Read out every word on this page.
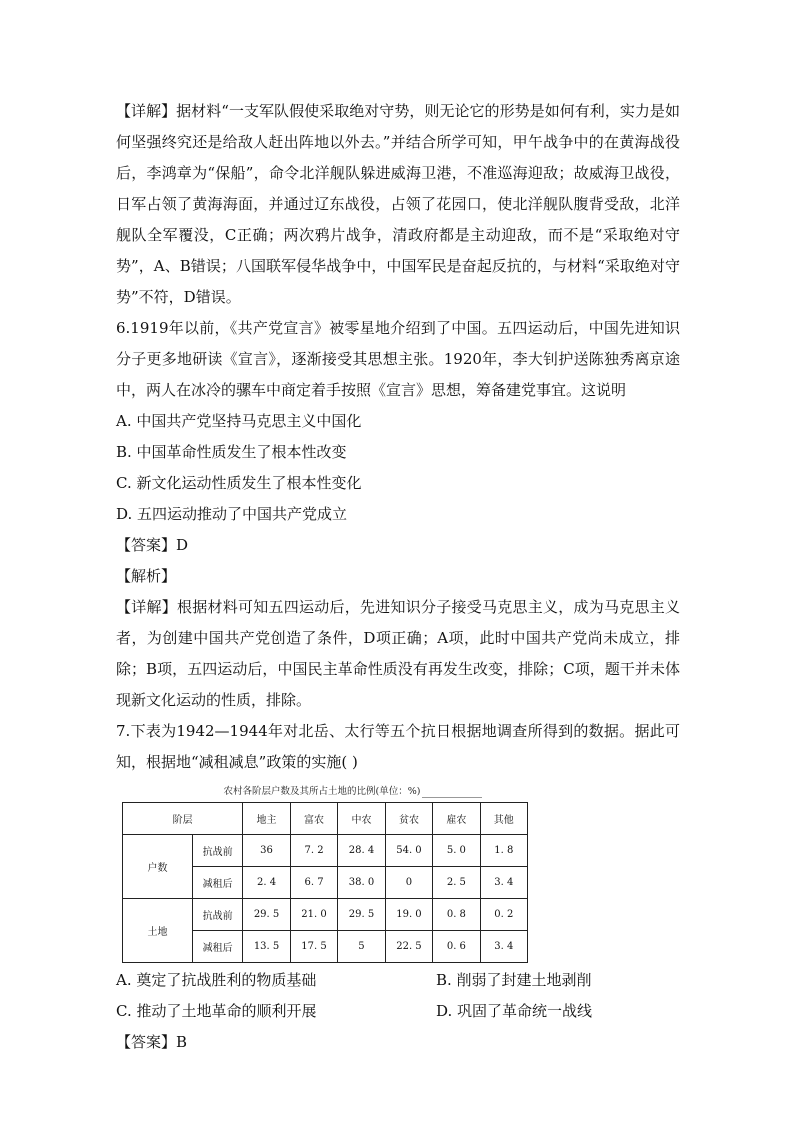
【详解】据材料“一支军队假使采取绝对守势，则无论它的形势是如何有利，实力是如何坚强终究还是给敌人赶出阵地以外去。”并结合所学可知，甲午战争中的在黄海战役后，李鸿章为“保船”，命令北洋舰队躲进威海卫港，不准巡海迎敌；故威海卫战役，日军占领了黄海海面，并通过辽东战役，占领了花园口，使北洋舰队腹背受敌，北洋舰队全军覆没，C正确；两次鸦片战争，清政府都是主动迎敌，而不是“采取绝对守势”，A、B错误；八国联军侵华战争中，中国军民是奋起反抗的，与材料“采取绝对守势”不符，D错误。

6.1919年以前，《共产党宣言》被零星地介绍到了中国。五四运动后，中国先进知识分子更多地研读《宣言》，逐渐接受其思想主张。1920年，李大钊护送陈独秀离京途中，两人在冰冷的骡车中商定着手按照《宣言》思想，筹备建党事宜。这说明

A. 中国共产党坚持马克思主义中国化

B. 中国革命性质发生了根本性改变

C. 新文化运动性质发生了根本性变化

D. 五四运动推动了中国共产党成立

【答案】D

【解析】

【详解】根据材料可知五四运动后，先进知识分子接受马克思主义，成为马克思主义者，为创建中国共产党创造了条件，D项正确；A项，此时中国共产党尚未成立，排除；B项，五四运动后，中国民主革命性质没有再发生改变，排除；C项，题干并未体现新文化运动的性质，排除。

7.下表为1942—1944年对北岳、太行等五个抗日根据地调查所得到的数据。据此可知，根据地“减租减息”政策的实施( )

农村各阶层户数及其所占土地的比例(单位：%)
阶层		地主	富农	中农	贫农	雇农	其他
户数	抗战前	36	7. 2	28. 4	54. 0	5. 0	1. 8
	减租后	2. 4	6. 7	38. 0	0	2. 5	3. 4
土地	抗战前	29. 5	21. 0	29. 5	19. 0	0. 8	0. 2
	减租后	13. 5	17. 5	5	22. 5	0. 6	3. 4
A. 奠定了抗战胜利的物质基础	B. 削弱了封建土地剥削
C. 推动了土地革命的顺利开展	D. 巩固了革命统一战线

【答案】B
